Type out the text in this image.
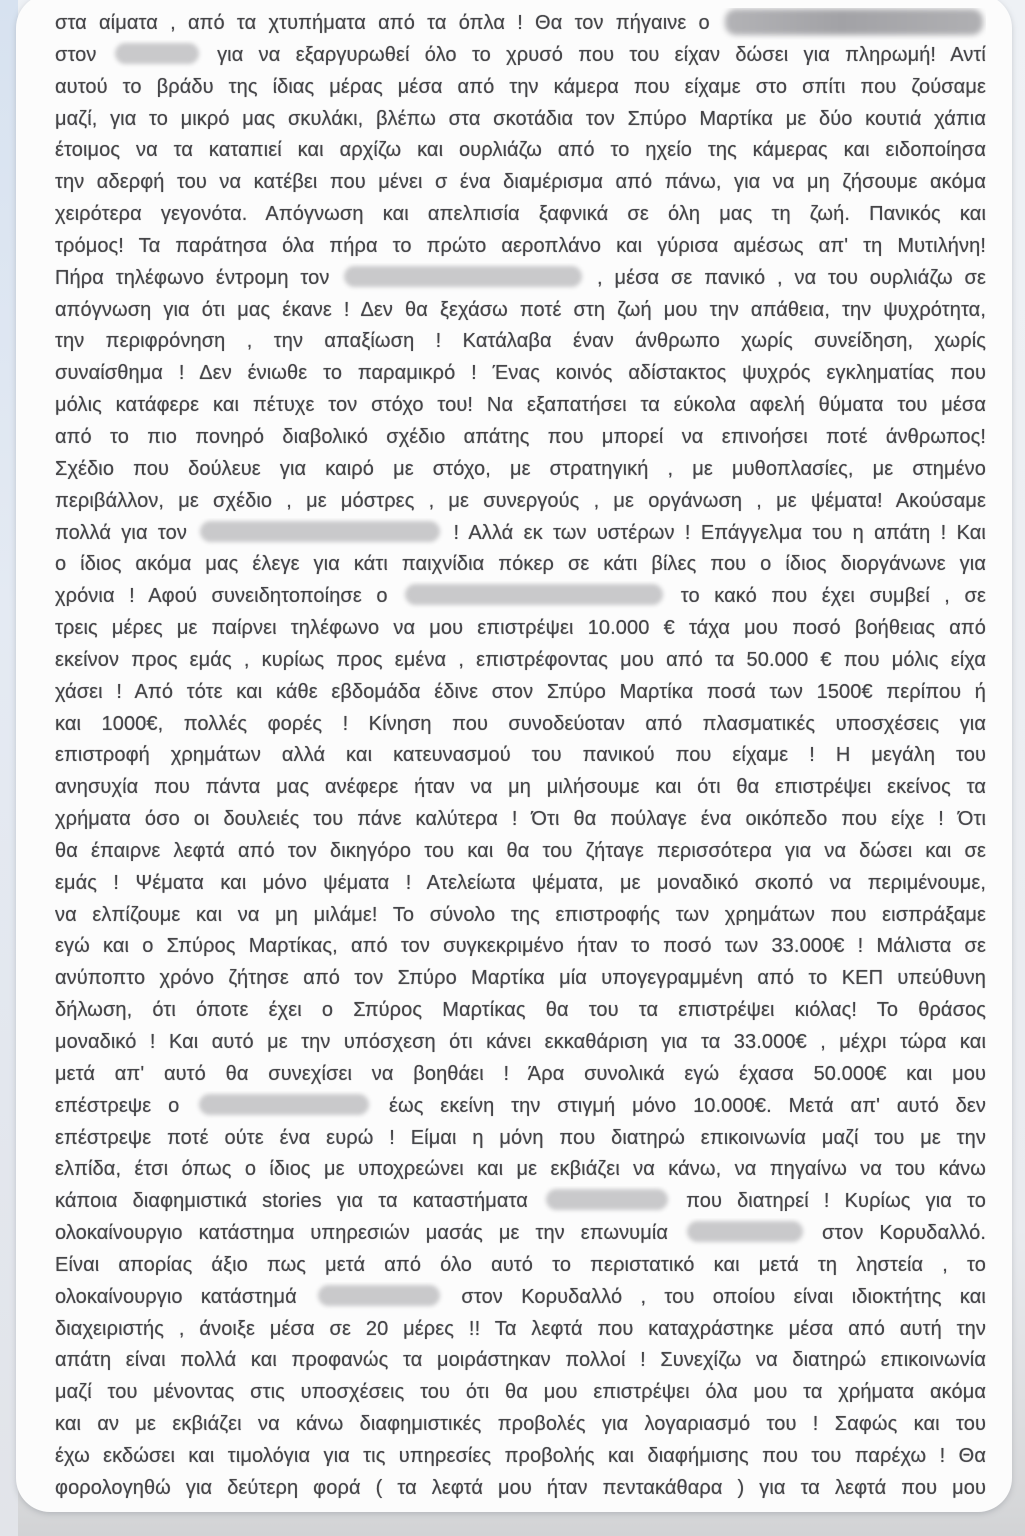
στα αίματα , από τα χτυπήματα από τα όπλα ! Θα τον πήγαινε ο
στον	για να εξαργυρωθεί όλο το χρυσό που του είχαν δώσει για πληρωμή! Αντί
αυτού το βράδυ της ίδιας μέρας μέσα από την κάμερα που είχαμε στο σπίτι που ζούσαμε
μαζί, για το μικρό μας σκυλάκι, βλέπω στα σκοτάδια τον Σπύρο Μαρτίκα με δύο κουτιά χάπια
έτοιμος να τα καταπιεί και αρχίζω και ουρλιάζω από το ηχείο της κάμερας και ειδοποίησα
την αδερφή του να κατέβει που μένει σ ένα διαμέρισμα από πάνω, για να μη ζήσουμε ακόμα
χειρότερα γεγονότα. Απόγνωση και απελπισία ξαφνικά σε όλη μας τη ζωή. Πανικός και
τρόμος! Τα παράτησα όλα πήρα το πρώτο αεροπλάνο και γύρισα αμέσως απ' τη Μυτιλήνη!
Πήρα τηλέφωνο έντρομη τον	, μέσα σε πανικό , να του ουρλιάζω σε
απόγνωση για ότι μας έκανε ! Δεν θα ξεχάσω ποτέ στη ζωή μου την απάθεια, την ψυχρότητα,
την περιφρόνηση , την απαξίωση ! Κατάλαβα έναν άνθρωπο χωρίς συνείδηση, χωρίς
συναίσθημα ! Δεν ένιωθε το παραμικρό ! Ένας κοινός αδίστακτος ψυχρός εγκληματίας που
μόλις κατάφερε και πέτυχε τον στόχο του! Να εξαπατήσει τα εύκολα αφελή θύματα του μέσα
από το πιο πονηρό διαβολικό σχέδιο απάτης που μπορεί να επινοήσει ποτέ άνθρωπος!
Σχέδιο που δούλευε για καιρό με στόχο, με στρατηγική , με μυθοπλασίες, με στημένο
περιβάλλον, με σχέδιο , με μόστρες , με συνεργούς , με οργάνωση , με ψέματα! Ακούσαμε
πολλά για τον	! Αλλά εκ των υστέρων ! Επάγγελμα του η απάτη ! Και
ο ίδιος ακόμα μας έλεγε για κάτι παιχνίδια πόκερ σε κάτι βίλες που ο ίδιος διοργάνωνε για
χρόνια ! Αφού συνειδητοποίησε ο	το κακό που έχει συμβεί , σε
τρεις μέρες με παίρνει τηλέφωνο να μου επιστρέψει 10.000 € τάχα μου ποσό βοήθειας από
εκείνον προς εμάς , κυρίως προς εμένα , επιστρέφοντας μου από τα 50.000 € που μόλις είχα
χάσει ! Από τότε και κάθε εβδομάδα έδινε στον Σπύρο Μαρτίκα ποσά των 1500€ περίπου ή
και 1000€, πολλές φορές ! Κίνηση που συνοδεύοταν από πλασματικές υποσχέσεις για
επιστροφή χρημάτων αλλά και κατευνασμού του πανικού που είχαμε ! Η μεγάλη του
ανησυχία που πάντα μας ανέφερε ήταν να μη μιλήσουμε και ότι θα επιστρέψει εκείνος τα
χρήματα όσο οι δουλειές του πάνε καλύτερα ! Ότι θα πούλαγε ένα οικόπεδο που είχε ! Ότι
θα έπαιρνε λεφτά από τον δικηγόρο του και θα του ζήταγε περισσότερα για να δώσει και σε
εμάς ! Ψέματα και μόνο ψέματα ! Ατελείωτα ψέματα, με μοναδικό σκοπό να περιμένουμε,
να ελπίζουμε και να μη μιλάμε! Το σύνολο της επιστροφής των χρημάτων που εισπράξαμε
εγώ και ο Σπύρος Μαρτίκας, από τον συγκεκριμένο ήταν το ποσό των 33.000€ ! Μάλιστα σε
ανύποπτο χρόνο ζήτησε από τον Σπύρο Μαρτίκα μία υπογεγραμμένη από το ΚΕΠ υπεύθυνη
δήλωση, ότι όποτε έχει ο Σπύρος Μαρτίκας θα του τα επιστρέψει κιόλας! Το θράσος
μοναδικό ! Και αυτό με την υπόσχεση ότι κάνει εκκαθάριση για τα 33.000€ , μέχρι τώρα και
μετά απ' αυτό θα συνεχίσει να βοηθάει ! Άρα συνολικά εγώ έχασα 50.000€ και μου
επέστρεψε ο	έως εκείνη την στιγμή μόνο 10.000€. Μετά απ' αυτό δεν
επέστρεψε ποτέ ούτε ένα ευρώ ! Είμαι η μόνη που διατηρώ επικοινωνία μαζί του με την
ελπίδα, έτσι όπως ο ίδιος με υποχρεώνει και με εκβιάζει να κάνω, να πηγαίνω να του κάνω
κάποια διαφημιστικά stories για τα καταστήματα	που διατηρεί ! Κυρίως για το
ολοκαίνουργιο κατάστημα υπηρεσιών μασάς με την επωνυμία	στον Κορυδαλλό.
Είναι απορίας άξιο πως μετά από όλο αυτό το περιστατικό και μετά τη ληστεία , το
ολοκαίνουργιο κατάστημά	στον Κορυδαλλό , του οποίου είναι ιδιοκτήτης και
διαχειριστής , άνοιξε μέσα σε 20 μέρες !! Τα λεφτά που καταχράστηκε μέσα από αυτή την
απάτη είναι πολλά και προφανώς τα μοιράστηκαν πολλοί ! Συνεχίζω να διατηρώ επικοινωνία
μαζί του μένοντας στις υποσχέσεις του ότι θα μου επιστρέψει όλα μου τα χρήματα ακόμα
και αν με εκβιάζει να κάνω διαφημιστικές προβολές για λογαριασμό του ! Σαφώς και του
έχω εκδώσει και τιμολόγια για τις υπηρεσίες προβολής και διαφήμισης που του παρέχω ! Θα
φορολογηθώ για δεύτερη φορά ( τα λεφτά μου ήταν πεντακάθαρα ) για τα λεφτά που μου
